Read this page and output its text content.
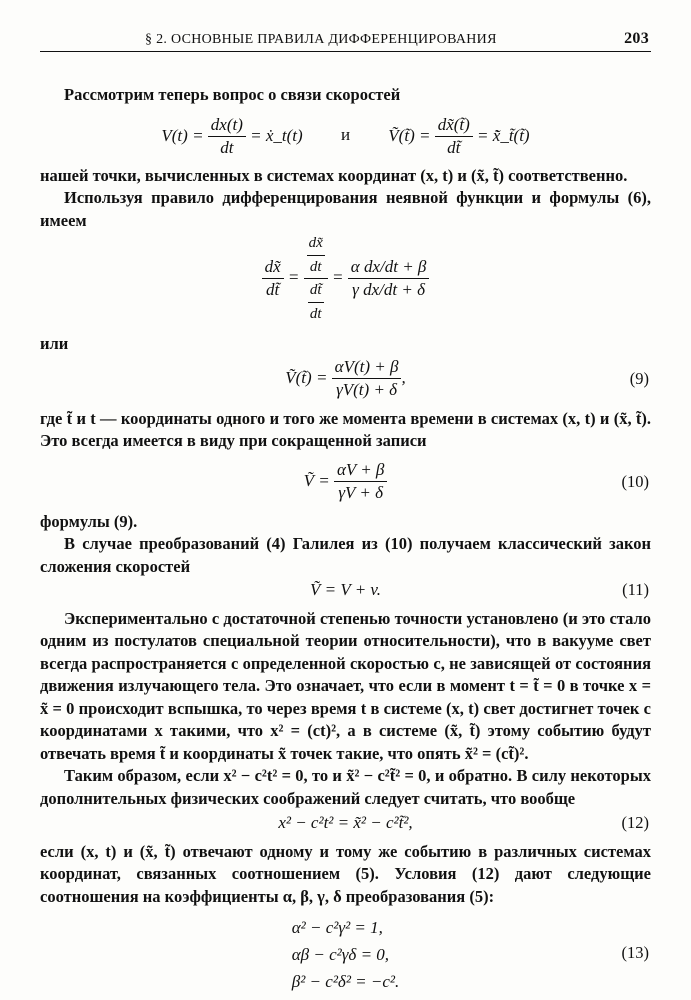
§ 2. ОСНОВНЫЕ ПРАВИЛА ДИФФЕРЕНЦИРОВАНИЯ	203

Рассмотрим теперь вопрос о связи скоростей

$V(t) = \frac{dx(t)}{dt}$ = ẋ_t(t) и Ṽ(t̃) = $\frac{dx̃(t̃)}{dt̃}$ = x̃̇_t̃(t̃)

нашей точки, вычисленных в системах координат (x, t) и (x̃, t̃) соответственно.

Используя правило дифференцирования неявной функции и формулы (6), имеем

$\frac{dx̃}{dt̃} = \frac{\frac{dx̃}{dt}}{\frac{dt̃}{dt}} = \frac{\text{α dx/dt + β}}{\text{γ dx/dt + δ}}$

или

Ṽ(t̃) = $\frac{\alpha V(t) + \beta}{\gamma V(t) + \delta}$ ,	(9)

где t̃ и t — координаты одного и того же момента времени в системах (x, t) и (x̃, t̃). Это всегда имеется в виду при сокращенной записи

Ṽ = $\frac{\alpha V + \beta}{\gamma V + \delta}$	(10)

формулы (9).

В случае преобразований (4) Галилея из (10) получаем классический закон сложения скоростей

Ṽ = V + v.	(11)

Экспериментально с достаточной степенью точности установлено (и это стало одним из постулатов специальной теории относительности), что в вакууме свет всегда распространяется с определенной скоростью c, не зависящей от состояния движения излучающего тела. Это означает, что если в момент t = t̃ = 0 в точке x = x̃ = 0 происходит вспышка, то через время t в системе (x, t) свет достигнет точек с координатами x такими, что x² = (ct)², а в системе (x̃, t̃) этому событию будут отвечать время t̃ и координаты x̃ точек такие, что опять x̃² = (ct̃)².

Таким образом, если x² − c²t² = 0, то и x̃² − c²t̃² = 0, и обратно. В силу некоторых дополнительных физических соображений следует считать, что вообще

x² − c²t² = x̃² − c²t̃²,	(12)

если (x, t) и (x̃, t̃) отвечают одному и тому же событию в различных системах координат, связанных соотношением (5). Условия (12) дают следующие соотношения на коэффициенты α, β, γ, δ преобразования (5):

α² − c²γ² = 1,
αβ − c²γδ = 0,
β² − c²δ² = −c².
(13)
